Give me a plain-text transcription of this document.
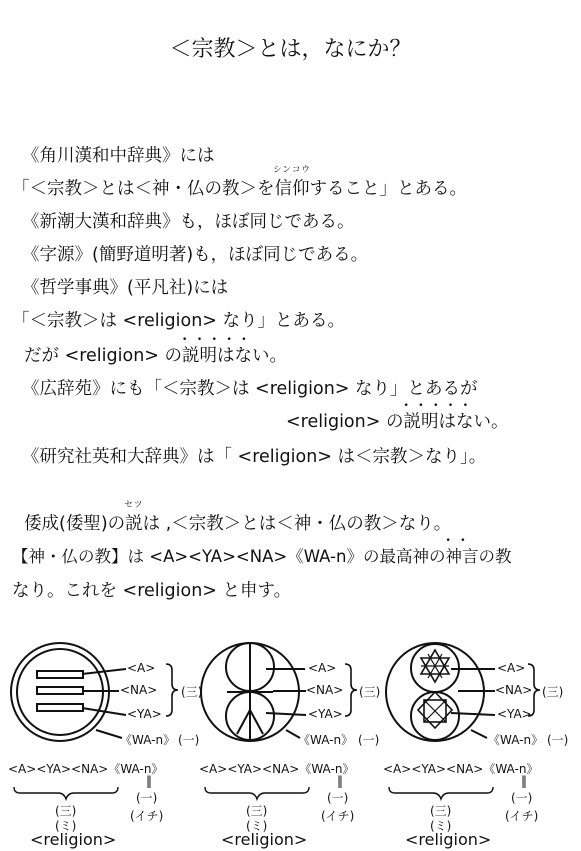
＜宗教＞とは，なにか？
《角川漢和中辞典》には
「＜宗教＞とは＜神・仏の教＞を
シンコウ
信仰すること」とある。
《新潮大漢和辞典》も，ほぼ同じである。
《字源》(簡野道明著)も，ほぼ同じである。
《哲学事典》(平凡社)には
「＜宗教＞は <religion> なり」とある。
だが <religion> の
•••••
説明はない。
《広辞苑》にも「＜宗教＞は <religion> なり」とあるが
<religion> の
•••••
説明はない。
《研究社英和大辞典》は「 <religion> は＜宗教＞なり」。
倭成(倭聖)の
セツ
説は ,＜宗教＞とは＜神・仏の教＞なり。
【神・仏の教】は <A><YA><NA>《WA-n》の最高神の
••
神言の教
なり。これを <religion> と申す。
<A>
<NA>
<YA>
《WA-n》
(三)
(一)
<A><YA><NA>《WA-n》
‖
(三)
(一)
(ミ)
(イチ)
<religion>
<A>
<NA>
<YA>
《WA-n》
(三)
(一)
<A><YA><NA>《WA-n》
‖
(三)
(一)
(ミ)
(イチ)
<religion>
<A>
<NA>
<YA>
《WA-n》
(三)
(一)
<A><YA><NA>《WA-n》
‖
(三)
(一)
(ミ)
(イチ)
<religion>
